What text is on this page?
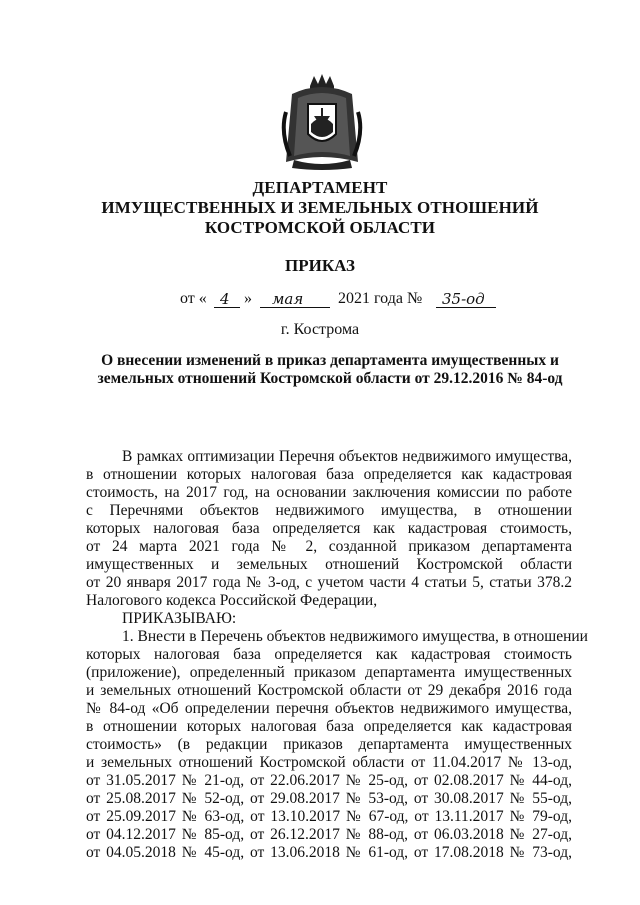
ДЕПАРТАМЕНТ
ИМУЩЕСТВЕННЫХ И ЗЕМЕЛЬНЫХ ОТНОШЕНИЙ
КОСТРОМСКОЙ ОБЛАСТИ
ПРИКАЗ
от « 4 » мая 2021 года № 35-од
г. Кострома
О внесении изменений в приказ департамента имущественных и
земельных отношений Костромской области от 29.12.2016 № 84-од
В рамках оптимизации Перечня объектов недвижимого имущества,
в отношении которых налоговая база определяется как кадастровая
стоимость, на 2017 год, на основании заключения комиссии по работе
с Перечнями объектов недвижимого имущества, в отношении
которых налоговая база определяется как кадастровая стоимость,
от 24 марта 2021 года № 2, созданной приказом департамента
имущественных и земельных отношений Костромской области
от 20 января 2017 года № 3-од, с учетом части 4 статьи 5, статьи 378.2
Налогового кодекса Российской Федерации,
ПРИКАЗЫВАЮ:
1. Внести в Перечень объектов недвижимого имущества, в отношении
которых налоговая база определяется как кадастровая стоимость
(приложение), определенный приказом департамента имущественных
и земельных отношений Костромской области от 29 декабря 2016 года
№ 84-од «Об определении перечня объектов недвижимого имущества,
в отношении которых налоговая база определяется как кадастровая
стоимость» (в редакции приказов департамента имущественных
и земельных отношений Костромской области от 11.04.2017 № 13-од,
от 31.05.2017 № 21-од, от 22.06.2017 № 25-од, от 02.08.2017 № 44-од,
от 25.08.2017 № 52-од, от 29.08.2017 № 53-од, от 30.08.2017 № 55-од,
от 25.09.2017 № 63-од, от 13.10.2017 № 67-од, от 13.11.2017 № 79-од,
от 04.12.2017 № 85-од, от 26.12.2017 № 88-од, от 06.03.2018 № 27-од,
от 04.05.2018 № 45-од, от 13.06.2018 № 61-од, от 17.08.2018 № 73-од,
